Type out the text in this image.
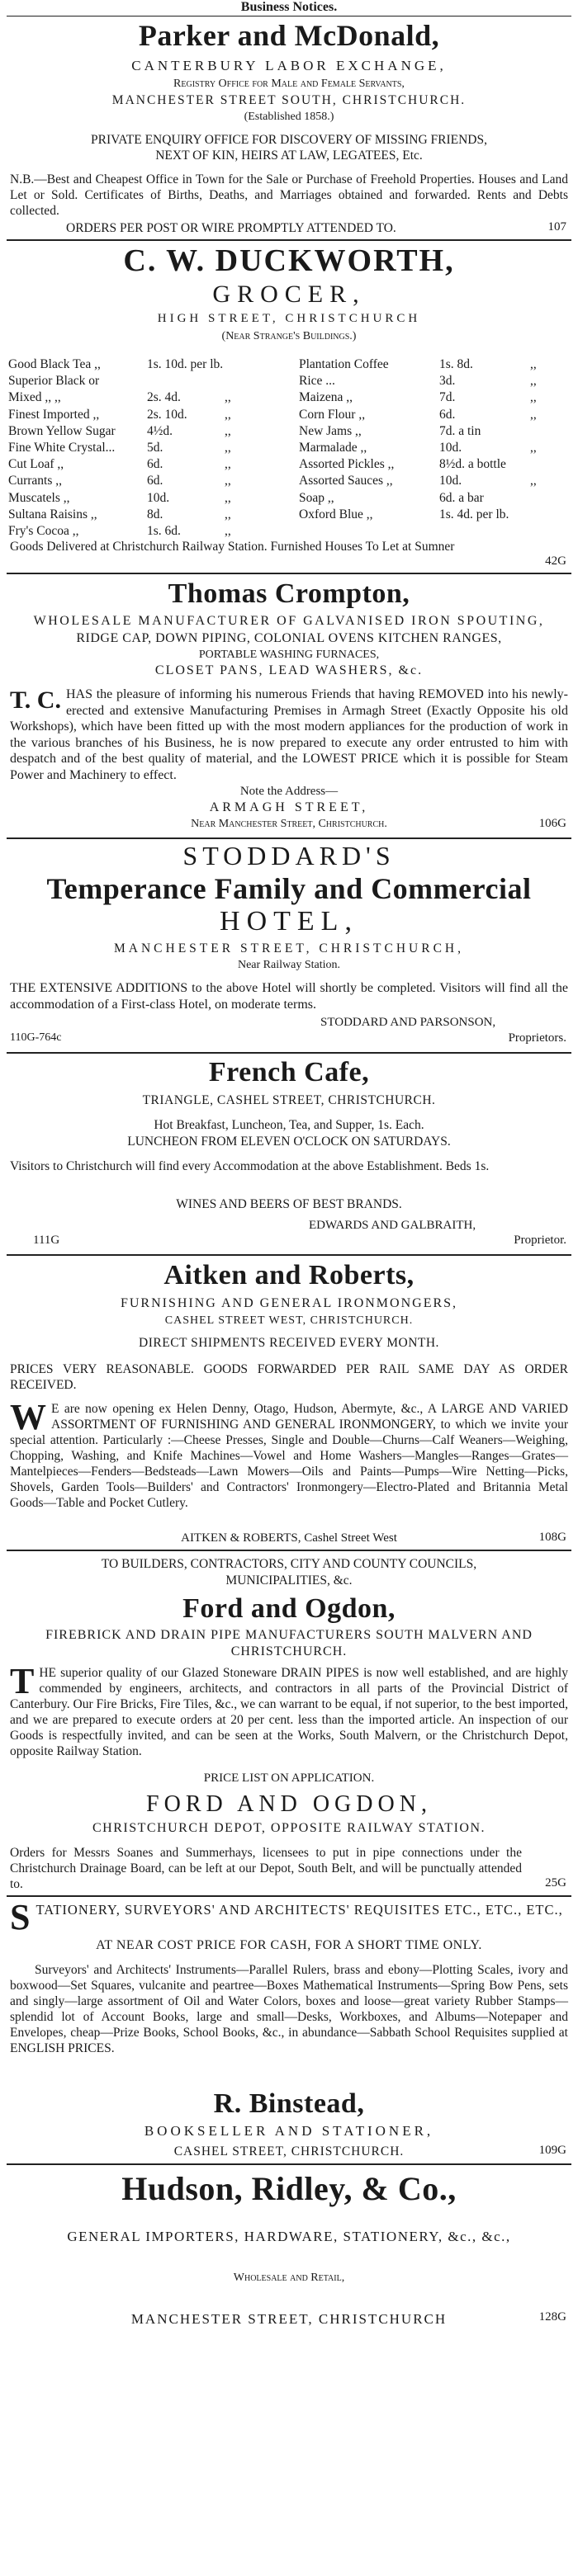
Business Notices.
Parker and McDonald,
CANTERBURY LABOR EXCHANGE,
Registry Office for Male and Female Servants,
MANCHESTER STREET SOUTH, CHRISTCHURCH.
(Established 1858.)
PRIVATE ENQUIRY OFFICE FOR DISCOVERY OF MISSING FRIENDS,
NEXT OF KIN, HEIRS AT LAW, LEGATEES, Etc.
N.B.—Best and Cheapest Office in Town for the Sale or Purchase of Freehold Properties. Houses and Land Let or Sold. Certificates of Births, Deaths, and Marriages obtained and forwarded. Rents and Debts collected.
ORDERS PER POST OR WIRE PROMPTLY ATTENDED TO.	107
C. W. DUCKWORTH,
GROCER,
HIGH STREET, CHRISTCHURCH
(Near Strange's Buildings.)
Good Black Tea ,,	1s. 10d. per lb.
Superior Black or
Mixed ,, ,,	2s. 4d.	,,
Finest Imported ,,	2s. 10d.	,,
Brown Yellow Sugar 4½d.	,,
Fine White Crystal... 5d.	,,
Cut Loaf ,,	6d.	,,
Currants ,,	6d.	,,
Muscatels ,,	10d.	,,
Sultana Raisins ,,	8d.	,,
Fry's Cocoa ,,	1s. 6d.	,,
Plantation Coffee	1s. 8d.	,,
Rice ...	3d.	,,
Maizena ,,	7d.	,,
Corn Flour ,,	6d.	,,
New Jams ,,	7d. a tin
Marmalade ,,	10d.	,,
Assorted Pickles ,,	8½d. a bottle
Assorted Sauces ,,	10d.	,,
Soap ,,	6d. a bar
Oxford Blue ,,	1s. 4d. per lb.
Goods Delivered at Christchurch Railway Station. Furnished Houses To Let at Sumner
42G
Thomas Crompton,
WHOLESALE MANUFACTURER OF GALVANISED IRON SPOUTING,
RIDGE CAP, DOWN PIPING, COLONIAL OVENS KITCHEN RANGES,
PORTABLE WASHING FURNACES,
CLOSET PANS, LEAD WASHERS, &c.
T. C. HAS the pleasure of informing his numerous Friends that having REMOVED into his newly-erected and extensive Manufacturing Premises in Armagh Street (Exactly Opposite his old Workshops), which have been fitted up with the most modern appliances for the production of work in the various branches of his Business, he is now prepared to execute any order entrusted to him with despatch and of the best quality of material, and the LOWEST PRICE which it is possible for Steam Power and Machinery to effect.
Note the Address—
ARMAGH STREET,
Near Manchester Street, Christchurch.	106G
STODDARD'S
Temperance Family and Commercial
HOTEL,
MANCHESTER STREET, CHRISTCHURCH,
Near Railway Station.
THE EXTENSIVE ADDITIONS to the above Hotel will shortly be completed. Visitors will find all the accommodation of a First-class Hotel, on moderate terms.
STODDARD AND PARSONSON,
Proprietors.
110G-764c
French Cafe,
TRIANGLE, CASHEL STREET, CHRISTCHURCH.
Hot Breakfast, Luncheon, Tea, and Supper, 1s. Each.
LUNCHEON FROM ELEVEN O'CLOCK ON SATURDAYS.
Visitors to Christchurch will find every Accommodation at the above Establishment. Beds 1s.
WINES AND BEERS OF BEST BRANDS.
EDWARDS AND GALBRAITH,
Proprietor.
111G
Aitken and Roberts,
FURNISHING AND GENERAL IRONMONGERS,
CASHEL STREET WEST, CHRISTCHURCH.
DIRECT SHIPMENTS RECEIVED EVERY MONTH.
PRICES VERY REASONABLE. GOODS FORWARDED PER RAIL SAME DAY AS ORDER RECEIVED.
W E are now opening ex Helen Denny, Otago, Hudson, Abermyte, &c., A LARGE AND VARIED ASSORTMENT OF FURNISHING AND GENERAL IRONMONGERY, to which we invite your special attention. Particularly :—Cheese Presses, Single and Double—Churns—Calf Weaners—Weighing, Chopping, Washing, and Knife Machines—Vowel and Home Washers—Mangles—Ranges—Grates—Mantelpieces—Fenders—Bedsteads—Lawn Mowers—Oils and Paints—Pumps—Wire Netting—Picks, Shovels, Garden Tools—Builders' and Contractors' Ironmongery—Electro-Plated and Britannia Metal Goods—Table and Pocket Cutlery.
AITKEN & ROBERTS, Cashel Street West	108G
TO BUILDERS, CONTRACTORS, CITY AND COUNTY COUNCILS, MUNICIPALITIES, &c.
Ford and Ogdon,
FIREBRICK AND DRAIN PIPE MANUFACTURERS SOUTH MALVERN AND CHRISTCHURCH.
THE superior quality of our Glazed Stoneware DRAIN PIPES is now well established, and are highly commended by engineers, architects, and contractors in all parts of the Provincial District of Canterbury. Our Fire Bricks, Fire Tiles, &c., we can warrant to be equal, if not superior, to the best imported, and we are prepared to execute orders at 20 per cent. less than the imported article. An inspection of our Goods is respectfully invited, and can be seen at the Works, South Malvern, or the Christchurch Depot, opposite Railway Station.
PRICE LIST ON APPLICATION.
FORD AND OGDON,
CHRISTCHURCH DEPOT, OPPOSITE RAILWAY STATION.
Orders for Messrs Soanes and Summerhays, licensees to put in pipe connections under the Christchurch Drainage Board, can be left at our Depot, South Belt, and will be punctually attended to.	25G
STATIONERY, SURVEYORS' AND ARCHITECTS' REQUISITES ETC., ETC., ETC.,
AT NEAR COST PRICE FOR CASH, FOR A SHORT TIME ONLY.
Surveyors' and Architects' Instruments—Parallel Rulers, brass and ebony—Plotting Scales, ivory and boxwood—Set Squares, vulcanite and peartree—Boxes Mathematical Instruments—Spring Bow Pens, sets and singly—large assortment of Oil and Water Colors, boxes and loose—great variety Rubber Stamps—splendid lot of Account Books, large and small—Desks, Workboxes, and Albums—Notepaper and Envelopes, cheap—Prize Books, School Books, &c., in abundance—Sabbath School Requisites supplied at ENGLISH PRICES.
R. Binstead,
BOOKSELLER AND STATIONER,
CASHEL STREET, CHRISTCHURCH.	109G
Hudson, Ridley, & Co.,
GENERAL IMPORTERS, HARDWARE, STATIONERY, &c., &c.,
Wholesale and Retail,
MANCHESTER STREET, CHRISTCHURCH	128G
